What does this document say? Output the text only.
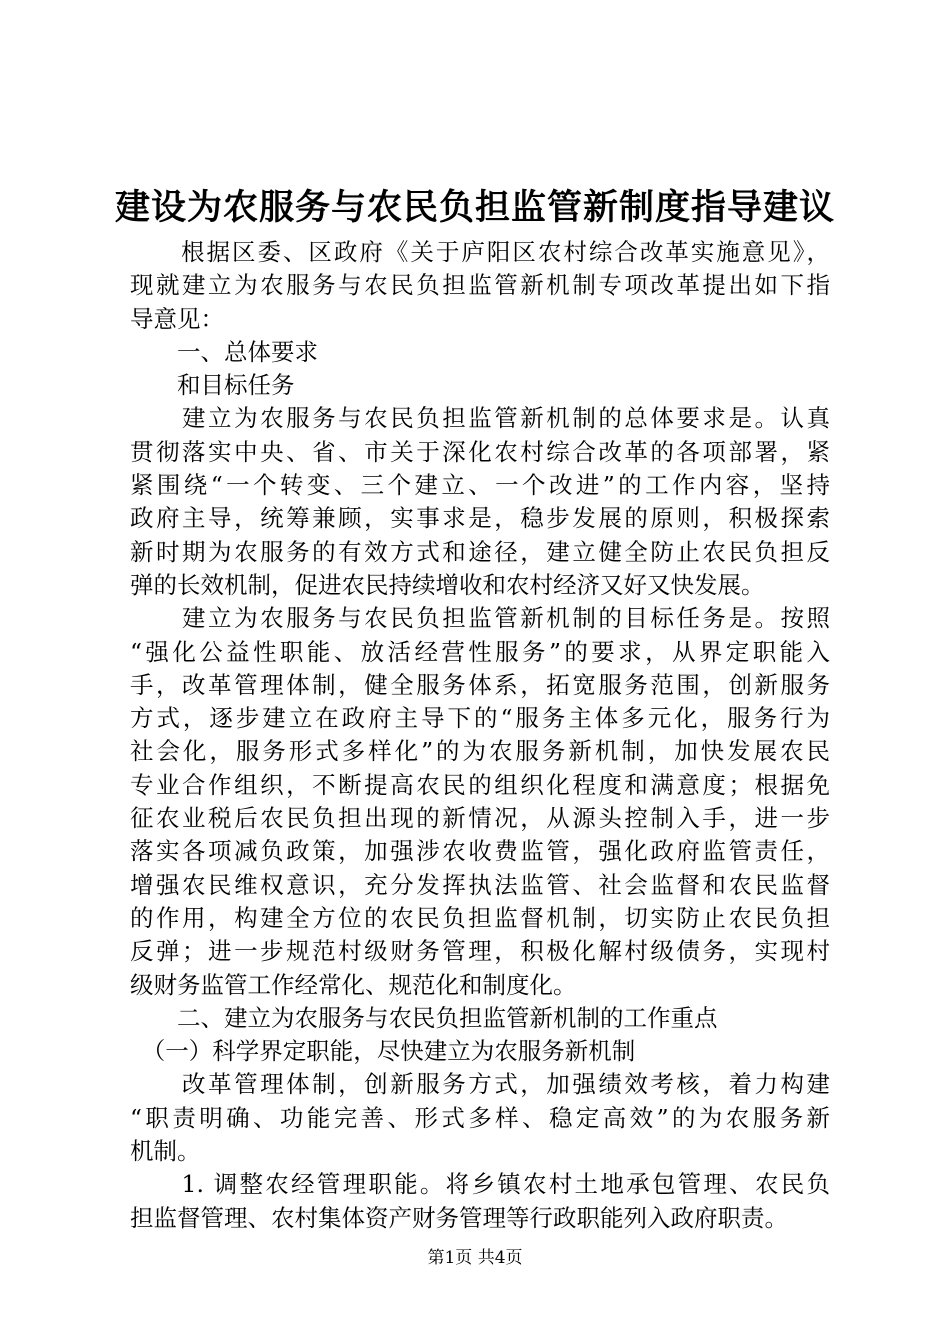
建设为农服务与农民负担监管新制度指导建议
　　根据区委、区政府《关于庐阳区农村综合改革实施意见》，
现就建立为农服务与农民负担监管新机制专项改革提出如下指
导意见：
　　一、总体要求
　　和目标任务
　　建立为农服务与农民负担监管新机制的总体要求是。认真
贯彻落实中央、省、市关于深化农村综合改革的各项部署，紧
紧围绕“一个转变、三个建立、一个改进”的工作内容，坚持
政府主导，统筹兼顾，实事求是，稳步发展的原则，积极探索
新时期为农服务的有效方式和途径，建立健全防止农民负担反
弹的长效机制，促进农民持续增收和农村经济又好又快发展。
　　建立为农服务与农民负担监管新机制的目标任务是。按照
“强化公益性职能、放活经营性服务”的要求，从界定职能入
手，改革管理体制，健全服务体系，拓宽服务范围，创新服务
方式，逐步建立在政府主导下的“服务主体多元化，服务行为
社会化，服务形式多样化”的为农服务新机制，加快发展农民
专业合作组织，不断提高农民的组织化程度和满意度；根据免
征农业税后农民负担出现的新情况，从源头控制入手，进一步
落实各项减负政策，加强涉农收费监管，强化政府监管责任，
增强农民维权意识，充分发挥执法监管、社会监督和农民监督
的作用，构建全方位的农民负担监督机制，切实防止农民负担
反弹；进一步规范村级财务管理，积极化解村级债务，实现村
级财务监管工作经常化、规范化和制度化。
　　二、建立为农服务与农民负担监管新机制的工作重点
　（一）科学界定职能，尽快建立为农服务新机制
　　改革管理体制，创新服务方式，加强绩效考核，着力构建
“职责明确、功能完善、形式多样、稳定高效”的为农服务新
机制。
　　1. 调整农经管理职能。将乡镇农村土地承包管理、农民负
担监督管理、农村集体资产财务管理等行政职能列入政府职责。
第1页 共4页
